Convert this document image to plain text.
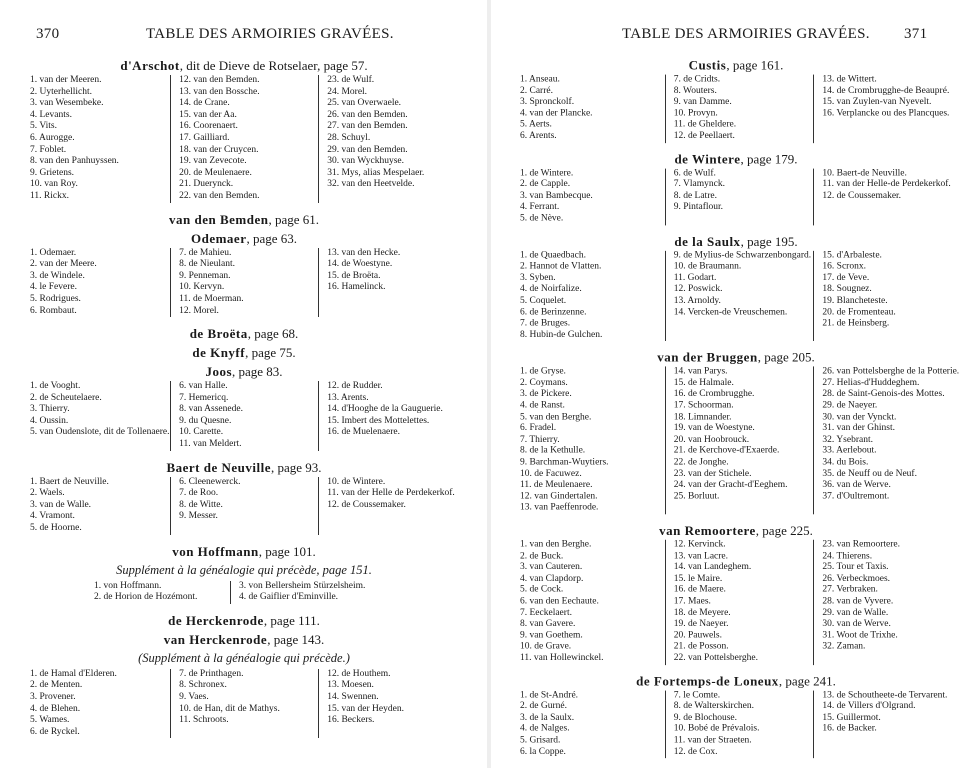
370	TABLE DES ARMOIRIES GRAVÉES.
d'Arschot, dit de Dieve de Rotselaer, page 57.
1. van der Meeren.
2. Uyterhellicht.
3. van Wesembeke.
4. Levants.
5. Vits.
6. Aurogge.
7. Foblet.
8. van den Panhuyssen.
9. Grietens.
10. van Roy.
11. Rickx.
12. van den Bemden.
13. van den Bossche.
14. de Crane.
15. van der Aa.
16. Coorenaert.
17. Gailliard.
18. van der Cruycen.
19. van Zevecote.
20. de Meulenaere.
21. Duerynck.
22. van den Bemden.
23. de Wulf.
24. Morel.
25. van Overwaele.
26. van den Bemden.
27. van den Bemden.
28. Schuyl.
29. van den Bemden.
30. van Wyckhuyse.
31. Mys, alias Mespelaer.
32. van den Heetvelde.
van den Bemden, page 61.
Odemaer, page 63.
1. Odemaer.
2. van der Meere.
3. de Windele.
4. le Fevere.
5. Rodrigues.
6. Rombaut.
7. de Mahieu.
8. de Nieulant.
9. Penneman.
10. Kervyn.
11. de Moerman.
12. Morel.
13. van den Hecke.
14. de Woestyne.
15. de Broëta.
16. Hamelinck.
de Broëta, page 68.
de Knyff, page 75.
Joos, page 83.
1. de Vooght.
2. de Scheutelaere.
3. Thierry.
4. Oussin.
5. van Oudenslote, dit de Tollenaere.
6. van Halle.
7. Hemericq.
8. van Assenede.
9. du Quesne.
10. Carette.
11. van Meldert.
12. de Rudder.
13. Arents.
14. d'Hooghe de la Gauguerie.
15. Imbert des Mottelettes.
16. de Muelenaere.
Baert de Neuville, page 93.
1. Baert de Neuville.
2. Waels.
3. van de Walle.
4. Vramont.
5. de Hoorne.
6. Cleenewerck.
7. de Roo.
8. de Witte.
9. Messer.
10. de Wintere.
11. van der Helle de Perdekerkof.
12. de Coussemaker.
von Hoffmann, page 101.
Supplément à la généalogie qui précède, page 151.
1. von Hoffmann.
2. de Horion de Hozémont.
3. von Bellersheim Stürzelsheim.
4. de Gaiflier d'Eminville.
de Herckenrode, page 111.
van Herckenrode, page 143.
(Supplément à la généalogie qui précède.)
1. de Hamal d'Elderen.
2. de Menten.
3. Provener.
4. de Blehen.
5. Wames.
6. de Ryckel.
7. de Printhagen.
8. Schronex.
9. Vaes.
10. de Han, dit de Mathys.
11. Schroots.
12. de Houthem.
13. Moesen.
14. Swennen.
15. van der Heyden.
16. Beckers.
TABLE DES ARMOIRIES GRAVÉES. 371
Custis, page 161.
1. Anseau.
2. Carré.
3. Spronckolf.
4. van der Plancke.
5. Aerts.
6. Arents.
7. de Cridts.
8. Wouters.
9. van Damme.
10. Provyn.
11. de Gheldere.
12. de Peellaert.
13. de Wittert.
14. de Crombrugghe-de Beaupré.
15. van Zuylen-van Nyevelt.
16. Verplancke ou des Plancques.
de Wintere, page 179.
1. de Wintere.
2. de Capple.
3. van Bambecque.
4. Ferrant.
5. de Nève.
6. de Wulf.
7. Vlamynck.
8. de Latre.
9. Pintaflour.
10. Baert-de Neuville.
11. van der Helle-de Perdekerkof.
12. de Coussemaker.
de la Saulx, page 195.
1. de Quaedbach.
2. Hannot de Vlatten.
3. Syben.
4. de Noirfalize.
5. Coquelet.
6. de Berinzenne.
7. de Bruges.
8. Hubin-de Gulchen.
9. de Mylius-de Schwarzenbongard.
10. de Braumann.
11. Godart.
12. Poswick.
13. Arnoldy.
14. Vercken-de Vreuschemen.
15. d'Arbaleste.
16. Scronx.
17. de Veve.
18. Sougnez.
19. Blancheteste.
20. de Fromenteau.
21. de Heinsberg.
van der Bruggen, page 205.
1. de Gryse.
2. Coymans.
3. de Pickere.
4. de Ranst.
5. van den Berghe.
6. Fradel.
7. Thierry.
8. de la Kethulle.
9. Barchman-Wuytiers.
10. de Facuwez.
11. de Meulenaere.
12. van Gindertalen.
13. van Paeffenrode.
14. van Parys.
15. de Halmale.
16. de Crombrugghe.
17. Schoorman.
18. Limnander.
19. van de Woestyne.
20. van Hoobrouck.
21. de Kerchove-d'Exaerde.
22. de Jonghe.
23. van der Stichele.
24. van der Gracht-d'Eeghem.
25. Borluut.
26. van Pottelsberghe de la Potterie.
27. Helias-d'Huddeghem.
28. de Saint-Genois-des Mottes.
29. de Naeyer.
30. van der Vynckt.
31. van der Ghinst.
32. Ysebrant.
33. Aerlebout.
34. du Bois.
35. de Neuff ou de Neuf.
36. van de Werve.
37. d'Oultremont.
van Remoortere, page 225.
1. van den Berghe.
2. de Buck.
3. van Cauteren.
4. van Clapdorp.
5. de Cock.
6. van den Eechaute.
7. Eeckelaert.
8. van Gavere.
9. van Goethem.
10. de Grave.
11. van Hollewinckel.
12. Kervinck.
13. van Lacre.
14. van Landeghem.
15. le Maire.
16. de Maere.
17. Maes.
18. de Meyere.
19. de Naeyer.
20. Pauwels.
21. de Posson.
22. van Pottelsberghe.
23. van Remoortere.
24. Thierens.
25. Tour et Taxis.
26. Verbeckmoes.
27. Verbraken.
28. van de Vyvere.
29. van de Walle.
30. van de Werve.
31. Woot de Trixhe.
32. Zaman.
de Fortemps-de Loneux, page 241.
1. de St-André.
2. de Gurné.
3. de la Saulx.
4. de Nalges.
5. Grisard.
6. la Coppe.
7. le Comte.
8. de Walterskirchen.
9. de Blochouse.
10. Bobé de Prévalois.
11. van der Straeten.
12. de Cox.
13. de Schoutheete-de Tervarent.
14. de Villers d'Olgrand.
15. Guillermot.
16. de Backer.
